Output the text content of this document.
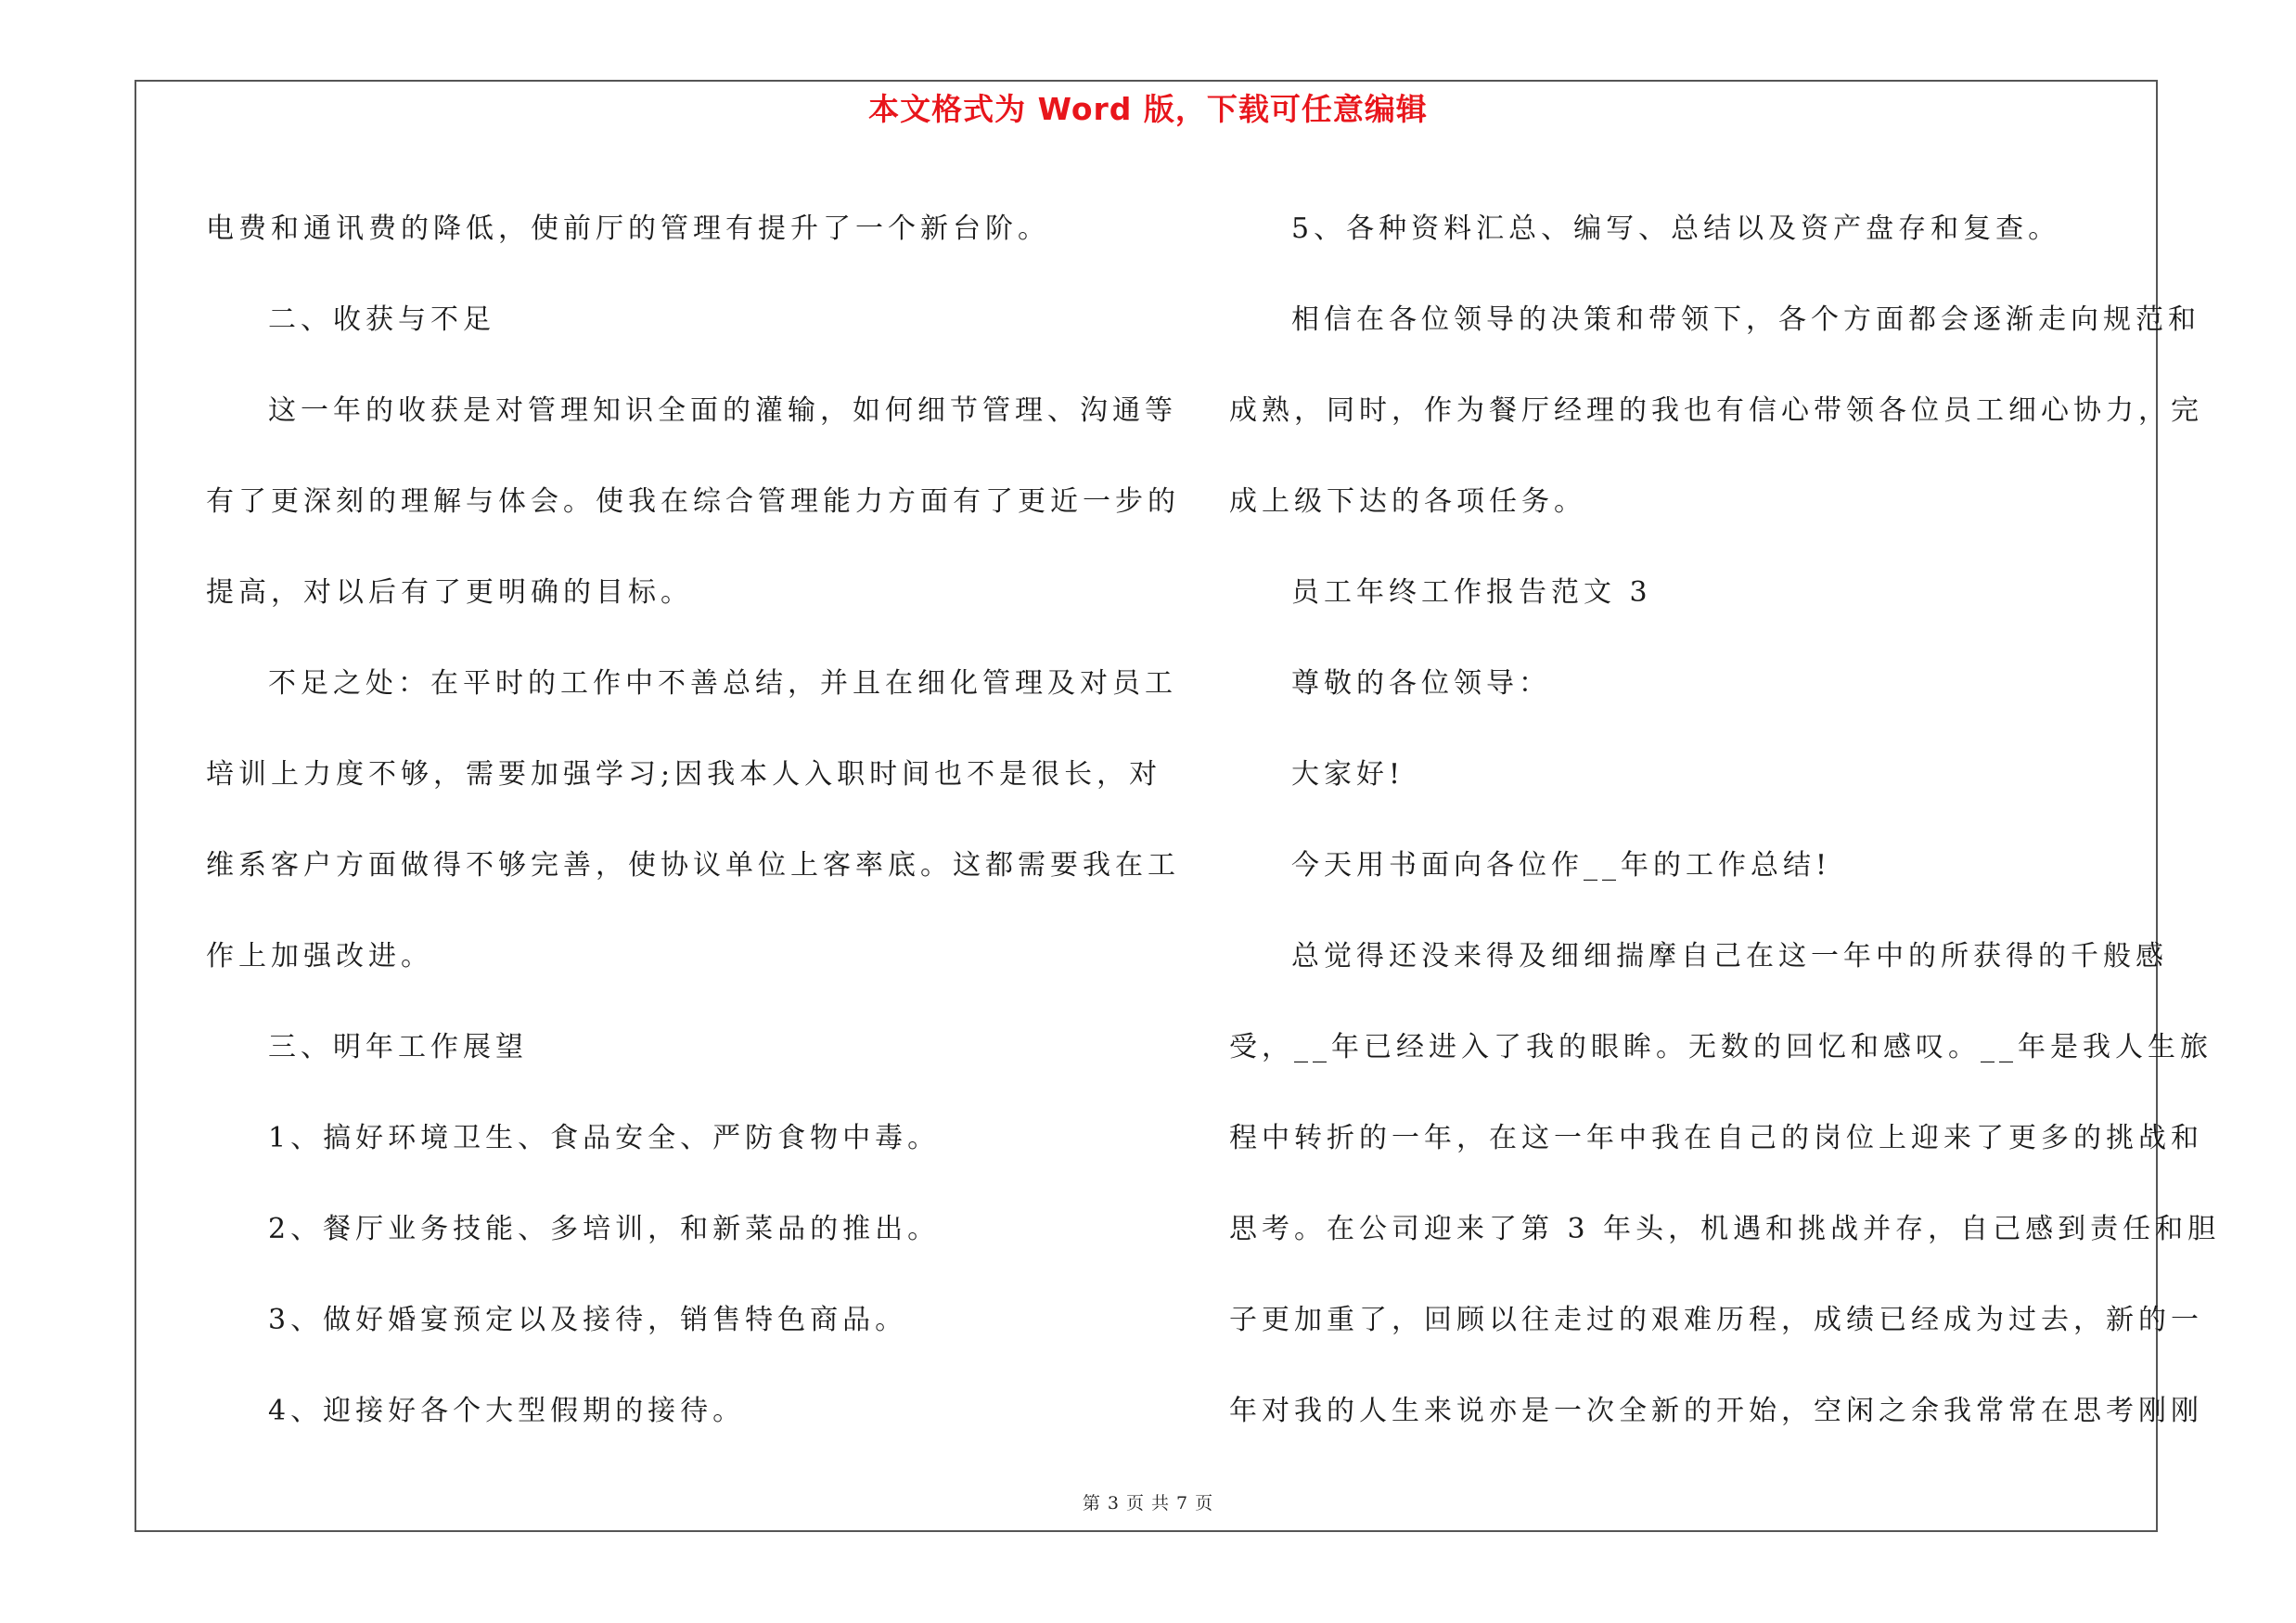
本文格式为 Word 版，下载可任意编辑

电费和通讯费的降低，使前厅的管理有提升了一个新台阶。

二、收获与不足

这一年的收获是对管理知识全面的灌输，如何细节管理、沟通等

有了更深刻的理解与体会。使我在综合管理能力方面有了更近一步的

提高，对以后有了更明确的目标。

不足之处：在平时的工作中不善总结，并且在细化管理及对员工

培训上力度不够，需要加强学习;因我本人入职时间也不是很长，对

维系客户方面做得不够完善，使协议单位上客率底。这都需要我在工

作上加强改进。

三、明年工作展望

1、搞好环境卫生、食品安全、严防食物中毒。

2、餐厅业务技能、多培训，和新菜品的推出。

3、做好婚宴预定以及接待，销售特色商品。

4、迎接好各个大型假期的接待。

5、各种资料汇总、编写、总结以及资产盘存和复查。

相信在各位领导的决策和带领下，各个方面都会逐渐走向规范和

成熟，同时，作为餐厅经理的我也有信心带领各位员工细心协力，完

成上级下达的各项任务。

员工年终工作报告范文 3

尊敬的各位领导：

大家好!

今天用书面向各位作__年的工作总结!

总觉得还没来得及细细揣摩自己在这一年中的所获得的千般感

受，__年已经进入了我的眼眸。无数的回忆和感叹。__年是我人生旅

程中转折的一年，在这一年中我在自己的岗位上迎来了更多的挑战和

思考。在公司迎来了第 3 年头，机遇和挑战并存，自己感到责任和胆

子更加重了，回顾以往走过的艰难历程，成绩已经成为过去，新的一

年对我的人生来说亦是一次全新的开始，空闲之余我常常在思考刚刚

第 3 页 共 7 页
